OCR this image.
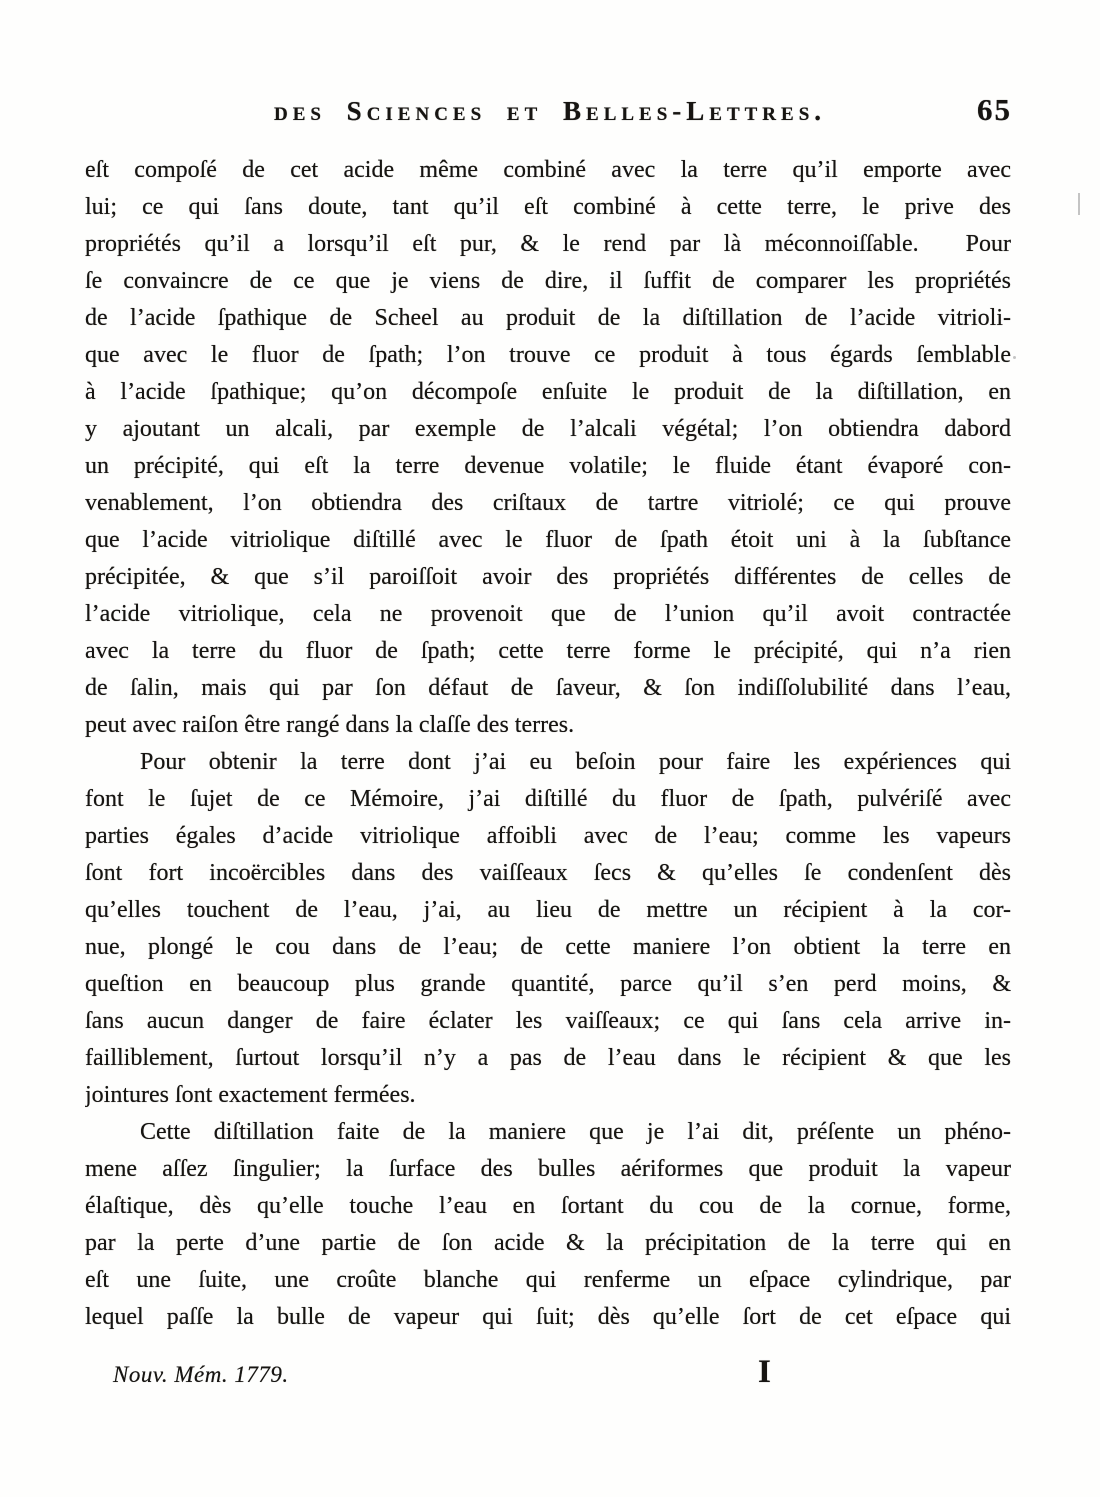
des Sciences et Belles-Lettres.	65
eſt compoſé de cet acide même combiné avec la terre qu’il emporte avec
lui; ce qui ſans doute, tant qu’il eſt combiné à cette terre, le prive des
propriétés qu’il a lorsqu’il eſt pur, & le rend par là méconnoiſſable.  Pour
ſe convaincre de ce que je viens de dire, il ſuffit de comparer les propriétés
de l’acide ſpathique de Scheel au produit de la diſtillation de l’acide vitrioli-
que avec le fluor de ſpath; l’on trouve ce produit à tous égards ſemblable
à l’acide ſpathique; qu’on décompoſe enſuite le produit de la diſtillation, en
y ajoutant un alcali, par exemple de l’alcali végétal; l’on obtiendra dabord
un précipité, qui eſt la terre devenue volatile; le fluide étant évaporé con-
venablement, l’on obtiendra des criſtaux de tartre vitriolé; ce qui prouve
que l’acide vitriolique diſtillé avec le fluor de ſpath étoit uni à la ſubſtance
précipitée, & que s’il paroiſſoit avoir des propriétés différentes de celles de
l’acide vitriolique, cela ne provenoit que de l’union qu’il avoit contractée
avec la terre du fluor de ſpath; cette terre forme le précipité, qui n’a rien
de ſalin, mais qui par ſon défaut de ſaveur, & ſon indiſſolubilité dans l’eau,
peut avec raiſon être rangé dans la claſſe des terres.
Pour obtenir la terre dont j’ai eu beſoin pour faire les expériences qui
font le ſujet de ce Mémoire, j’ai diſtillé du fluor de ſpath, pulvériſé avec
parties égales d’acide vitriolique affoibli avec de l’eau; comme les vapeurs
ſont fort incoërcibles dans des vaiſſeaux ſecs & qu’elles ſe condenſent dès
qu’elles touchent de l’eau, j’ai, au lieu de mettre un récipient à la cor-
nue, plongé le cou dans de l’eau; de cette maniere l’on obtient la terre en
queſtion en beaucoup plus grande quantité, parce qu’il s’en perd moins, &
ſans aucun danger de faire éclater les vaiſſeaux; ce qui ſans cela arrive in-
failliblement, ſurtout lorsqu’il n’y a pas de l’eau dans le récipient & que les
jointures ſont exactement fermées.
Cette diſtillation faite de la maniere que je l’ai dit, préſente un phéno-
mene aſſez ſingulier; la ſurface des bulles aériformes que produit la vapeur
élaſtique, dès qu’elle touche l’eau en ſortant du cou de la cornue, forme,
par la perte d’une partie de ſon acide & la précipitation de la terre qui en
eſt une ſuite, une croûte blanche qui renferme un eſpace cylindrique, par
lequel paſſe la bulle de vapeur qui ſuit; dès qu’elle ſort de cet eſpace qui
Nouv. Mém. 1779.	I
